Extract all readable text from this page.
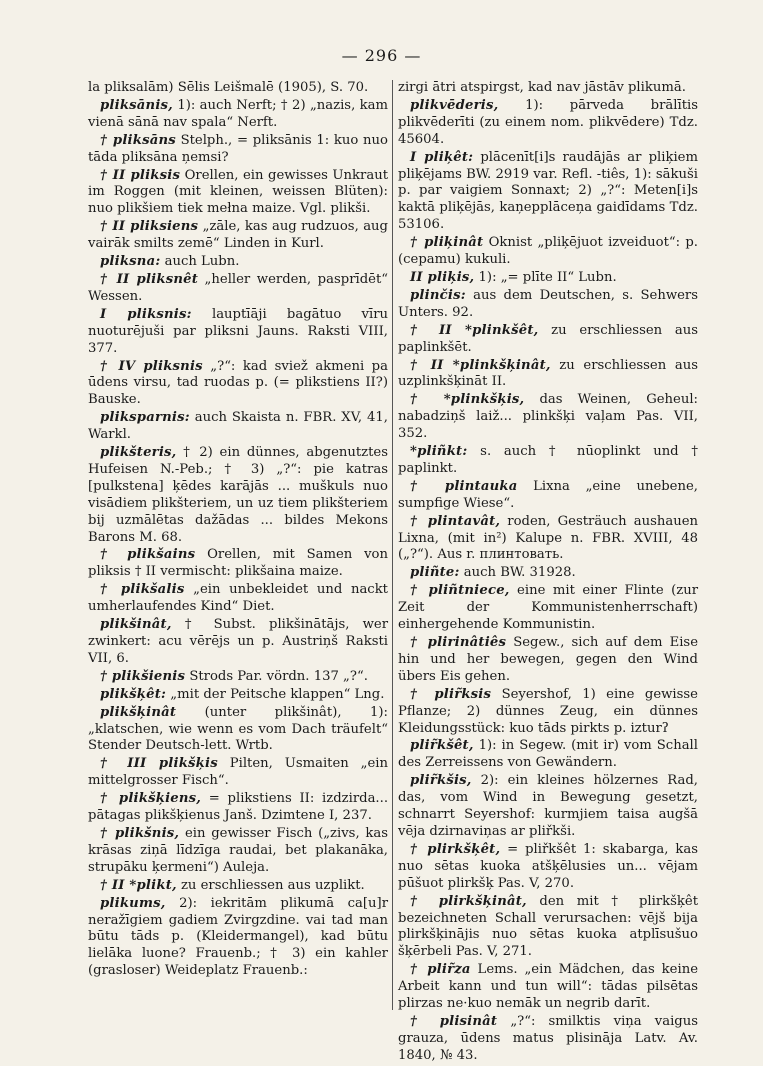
— 296 —

la pliksalām) Sēlis Leišmalē (1905), S. 70.

pliksānis, 1): auch Nerft; † 2) „nazis, kam vienā sānā nav spala“ Nerft.

† pliksāns Stelph., = pliksānis 1: kuo nuo tāda pliksāna ņemsi?

† II pliksis Orellen, ein gewisses Unkraut im Roggen (mit kleinen, weissen Blüten): nuo plikšiem tiek mełna maize. Vgl. plikši.

† II pliksiens „zāle, kas aug rudzuos, aug vairāk smilts zemē“ Linden in Kurl.

pliksna: auch Lubn.

† II pliksnêt „heller werden, pasprīdēt“ Wessen.

I pliksnis: lauptīāji bagātuo vīru nuoturējuši par pliksni Jauns. Raksti VIII, 377.

† IV pliksnis „?“: kad sviež akmeni pa ūdens virsu, tad ruodas p. (= plikstiens II?) Bauske.

pliksparnis: auch Skaista n. FBR. XV, 41, Warkl.

plikšteris, † 2) ein dünnes, abgenutztes Hufeisen N.-Peb.; † 3) „?“: pie katras [pulkstena] ķēdes karājās ... muškuls nuo visādiem plikšteriem, un uz tiem plikšteriem bij uzmālētas dažādas ... bildes Mekons Barons M. 68.

† plikšains Orellen, mit Samen von pliksis † II vermischt: plikšaina maize.

† plikšalis „ein unbekleidet und nackt umherlaufendes Kind“ Diet.

plikšinât, † Subst. plikšinātājs, wer zwinkert: acu vērējs un p. Austriņš Raksti VII, 6.

† plikšienis Strods Par. vördn. 137 „?“.

plikšķêt: „mit der Peitsche klappen“ Lng.

plikšķinât (unter plikšinât), 1): „klatschen, wie wenn es vom Dach träufelt“ Stender Deutsch-lett. Wrtb.

† III plikšķis Pilten, Usmaiten „ein mittelgrosser Fisch“.

† plikšķiens, = plikstiens II: izdzirda... pātagas plikšķienus Janš. Dzimtene I, 237.

† plikšnis, ein gewisser Fisch („zivs, kas krāsas ziņā līdzīga raudai, bet plakanāka, strupāku ķermeni“) Auleja.

† II *plikt, zu erschliessen aus uzplikt.

plikums, 2): iekritām plikumā ca[u]r neražīgiem gadiem Zvirgzdine. vai tad man būtu tāds p. (Kleidermangel), kad būtu lielāka luone? Frauenb.; † 3) ein kahler (grasloser) Weideplatz Frauenb.:

zirgi ātri atspirgst, kad nav jāstāv plikumā.

plikvēderis, 1): pārveda brālītis plikvēderīti (zu einem nom. plikvēdere) Tdz. 45604.

I pliķêt: plācenīt[i]s raudājās ar pliķiem pliķējams BW. 2919 var. Refl. -tiês, 1): sākuši p. par vaigiem Sonnaxt; 2) „?“: Meten[i]s kaktā pliķējās, kaņepplāceņa gaidīdams Tdz. 53106.

† pliķinât Oknist „pliķējuot izveiduot“: p. (cepamu) kukuli.

II pliķis, 1): „= plīte II“ Lubn.

plinčis: aus dem Deutschen, s. Sehwers Unters. 92.

† II *plinkšêt, zu erschliessen aus paplinkšēt.

† II *plinkšķinât, zu erschliessen aus uzplinkšķināt II.

† *plinkšķis, das Weinen, Geheul: nabadziņš laiž... plinkšķi vaļam Pas. VII, 352.

*pliñkt: s. auch † nūoplinkt und † paplinkt.

† plintauka Lixna „eine unebene, sumpfige Wiese“.

† plintavât, roden, Gesträuch aushauen Lixna, (mit in²) Kalupe n. FBR. XVIII, 48 („?“). Aus r. плинтовать.

pliñte: auch BW. 31928.

† pliñtniece, eine mit einer Flinte (zur Zeit der Kommunistenherrschaft) einhergehende Kommunistin.

† plirinâtiês Segew., sich auf dem Eise hin und her bewegen, gegen den Wind übers Eis gehen.

† plir̃ksis Seyershof, 1) eine gewisse Pflanze; 2) dünnes Zeug, ein dünnes Kleidungsstück: kuo tāds pirkts p. izturʔ

plir̃kšêt, 1): in Segew. (mit ir) vom Schall des Zerreissens von Gewändern.

plir̃kšis, 2): ein kleines hölzernes Rad, das, vom Wind in Bewegung gesetzt, schnarrt Seyershof: kurmjiem taisa augšā vēja dzirnaviņas ar pliřkši.

† plirkšķêt, = pliřkšêt 1: skabarga, kas nuo sētas kuoka atšķēlusies un... vējam pūšuot plirkšķ Pas. V, 270.

† plirkšķinât, den mit † plirkšķêt bezeichneten Schall verursachen: vējš bija plirkšķinājis nuo sētas kuoka atplīsušuo šķērbeli Pas. V, 271.

† plir̃za Lems. „ein Mädchen, das keine Arbeit kann und tun will“: tādas pilsētas plirzas ne·kuo nemāk un negrib darīt.

† plisinât „?“: smilktis viņa vaigus grauza, ūdens matus plisināja Latv. Av. 1840, № 43.
